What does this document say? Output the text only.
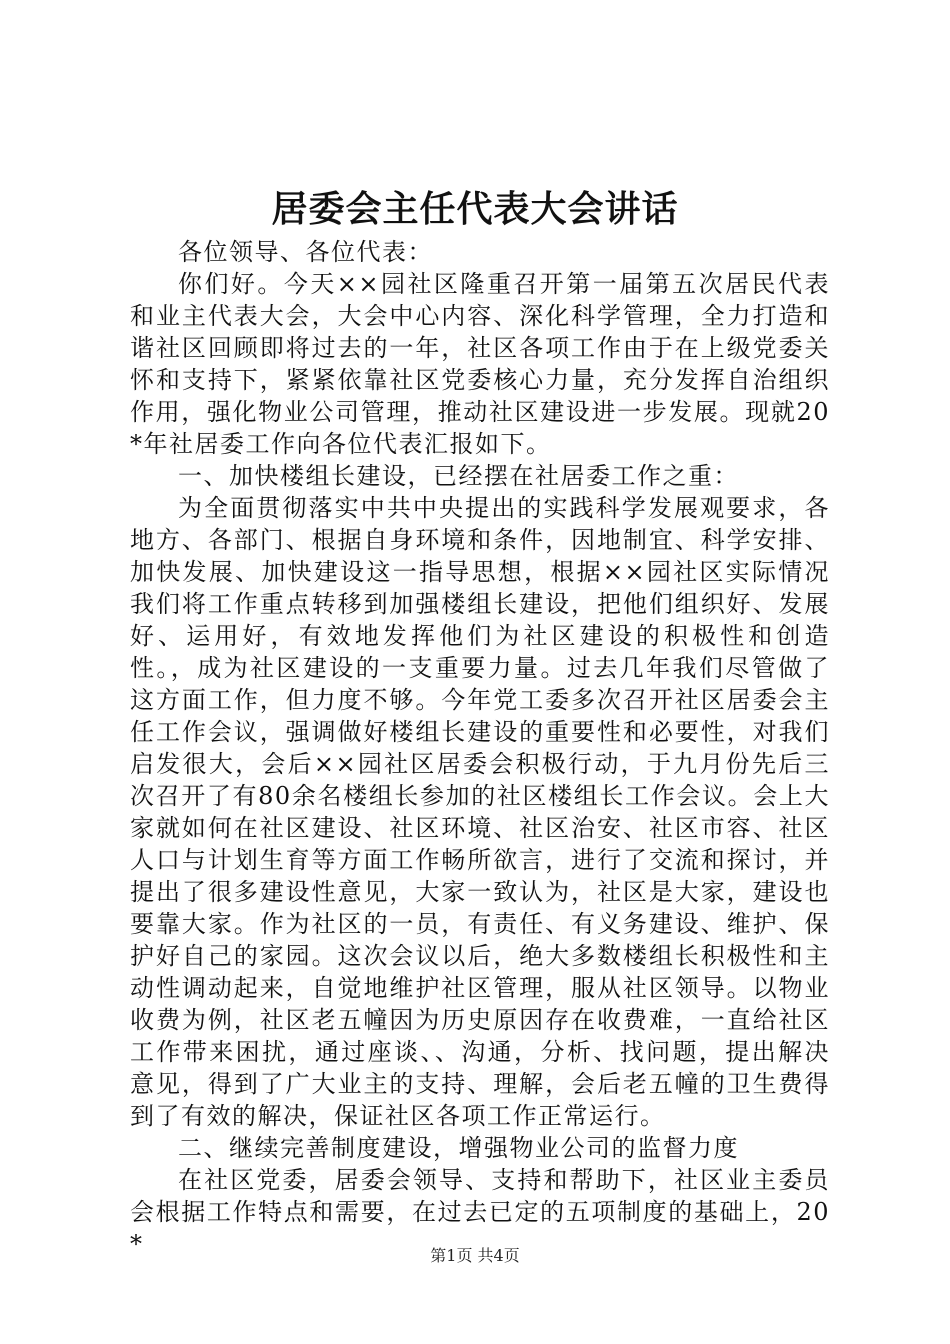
居委会主任代表大会讲话

各位领导、各位代表：

你们好。今天××园社区隆重召开第一届第五次居民代表和业主代表大会，大会中心内容、深化科学管理，全力打造和谐社区回顾即将过去的一年，社区各项工作由于在上级党委关怀和支持下，紧紧依靠社区党委核心力量，充分发挥自治组织作用，强化物业公司管理，推动社区建设进一步发展。现就20*年社居委工作向各位代表汇报如下。

一、加快楼组长建设，已经摆在社居委工作之重：

为全面贯彻落实中共中央提出的实践科学发展观要求，各地方、各部门、根据自身环境和条件，因地制宜、科学安排、加快发展、加快建设这一指导思想，根据××园社区实际情况我们将工作重点转移到加强楼组长建设，把他们组织好、发展好、运用好，有效地发挥他们为社区建设的积极性和创造性。，成为社区建设的一支重要力量。过去几年我们尽管做了这方面工作，但力度不够。今年党工委多次召开社区居委会主任工作会议，强调做好楼组长建设的重要性和必要性，对我们启发很大，会后××园社区居委会积极行动，于九月份先后三次召开了有80余名楼组长参加的社区楼组长工作会议。会上大家就如何在社区建设、社区环境、社区治安、社区市容、社区人口与计划生育等方面工作畅所欲言，进行了交流和探讨，并提出了很多建设性意见，大家一致认为，社区是大家，建设也要靠大家。作为社区的一员，有责任、有义务建设、维护、保护好自己的家园。这次会议以后，绝大多数楼组长积极性和主动性调动起来，自觉地维护社区管理，服从社区领导。以物业收费为例，社区老五幢因为历史原因存在收费难，一直给社区工作带来困扰，通过座谈、、沟通，分析、找问题，提出解决意见，得到了广大业主的支持、理解，会后老五幢的卫生费得到了有效的解决，保证社区各项工作正常运行。

二、继续完善制度建设，增强物业公司的监督力度

在社区党委，居委会领导、支持和帮助下，社区业主委员会根据工作特点和需要，在过去已定的五项制度的基础上，20*	第1页 共4页
